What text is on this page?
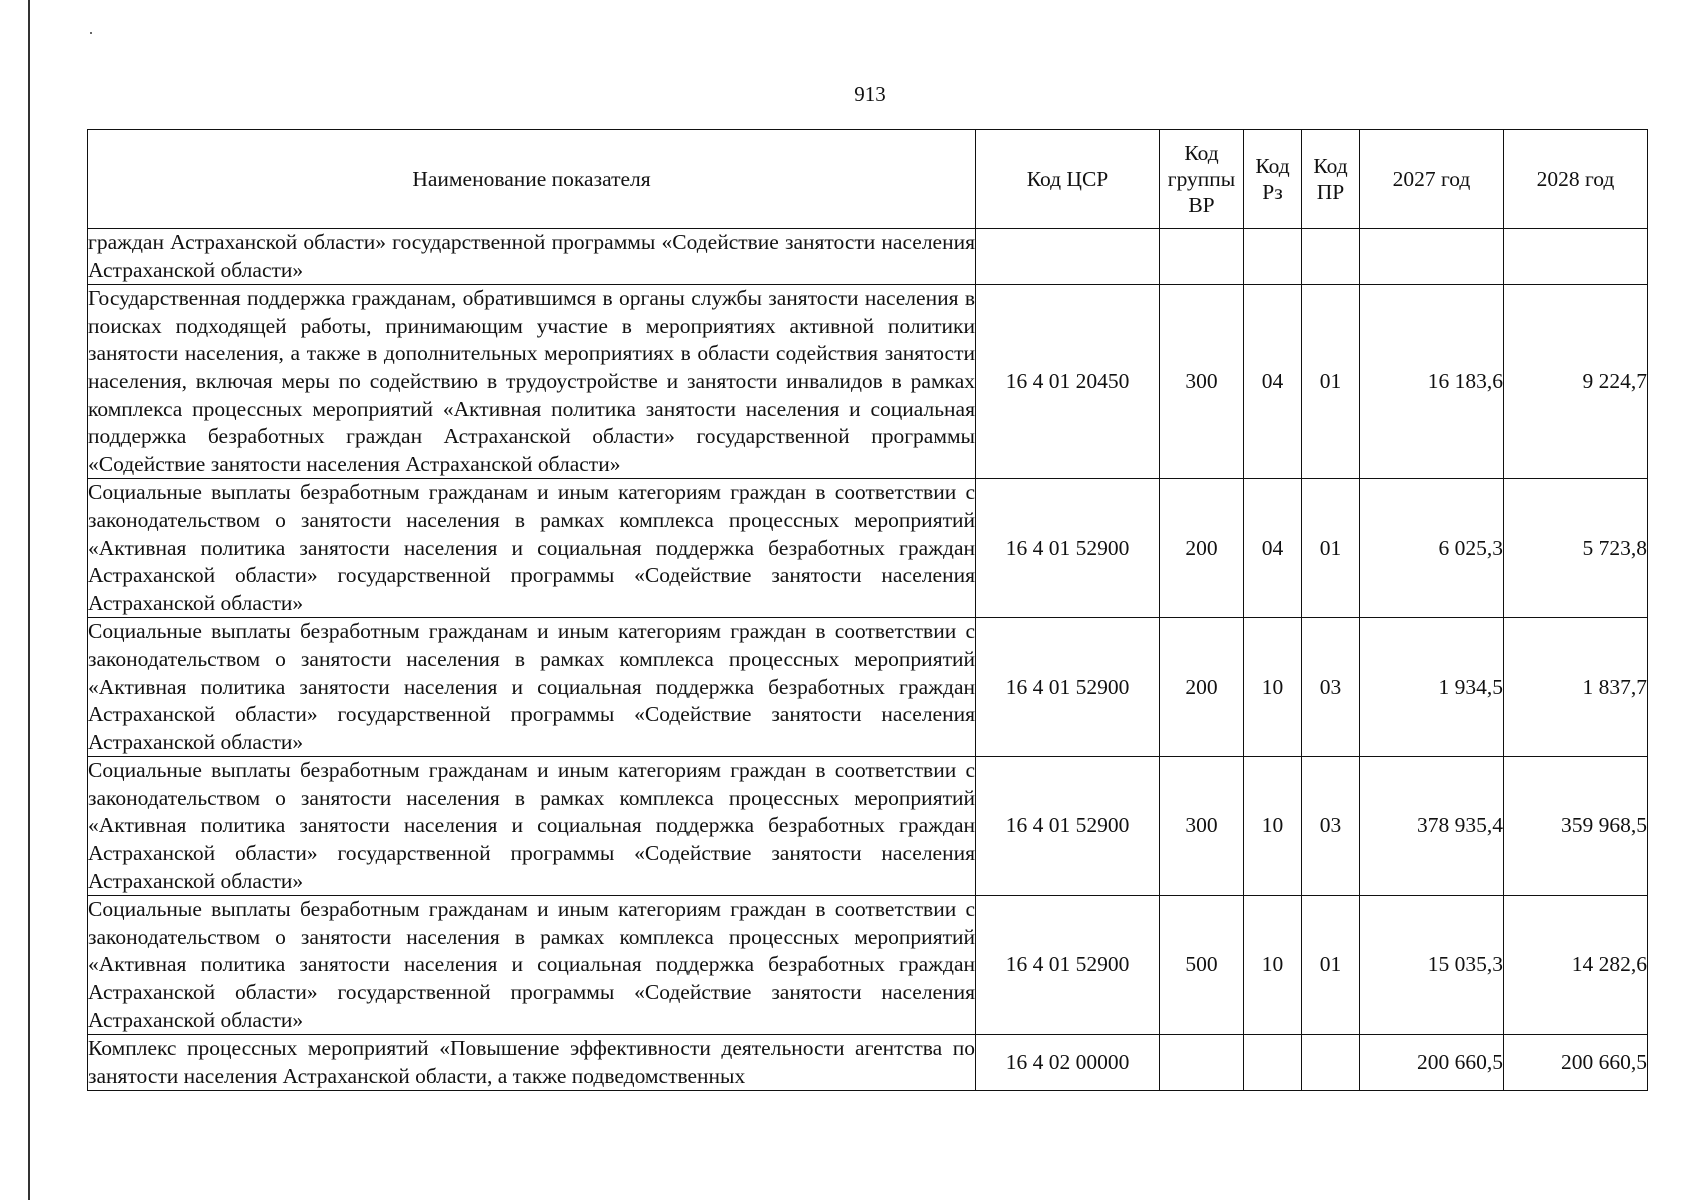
913
Наименование показателя	Код ЦСР	Код группы ВР	Код Рз	Код ПР	2027 год	2028 год
граждан Астраханской области» государственной программы «Содействие занятости населения Астраханской области»						
Государственная поддержка гражданам, обратившимся в органы службы занятости населения в поисках подходящей работы, принимающим участие в мероприятиях активной политики занятости населения, а также в дополнительных мероприятиях в области содействия занятости населения, включая меры по содействию в трудоустройстве и занятости инвалидов в рамках комплекса процессных мероприятий «Активная политика занятости населения и социальная поддержка безработных граждан Астраханской области» государственной программы «Содействие занятости населения Астраханской области»	16 4 01 20450	300	04	01	16 183,6	9 224,7
Социальные выплаты безработным гражданам и иным категориям граждан в соответствии с законодательством о занятости населения в рамках комплекса процессных мероприятий «Активная политика занятости населения и социальная поддержка безработных граждан Астраханской области» государственной программы «Содействие занятости населения Астраханской области»	16 4 01 52900	200	04	01	6 025,3	5 723,8
Социальные выплаты безработным гражданам и иным категориям граждан в соответствии с законодательством о занятости населения в рамках комплекса процессных мероприятий «Активная политика занятости населения и социальная поддержка безработных граждан Астраханской области» государственной программы «Содействие занятости населения Астраханской области»	16 4 01 52900	200	10	03	1 934,5	1 837,7
Социальные выплаты безработным гражданам и иным категориям граждан в соответствии с законодательством о занятости населения в рамках комплекса процессных мероприятий «Активная политика занятости населения и социальная поддержка безработных граждан Астраханской области» государственной программы «Содействие занятости населения Астраханской области»	16 4 01 52900	300	10	03	378 935,4	359 968,5
Социальные выплаты безработным гражданам и иным категориям граждан в соответствии с законодательством о занятости населения в рамках комплекса процессных мероприятий «Активная политика занятости населения и социальная поддержка безработных граждан Астраханской области» государственной программы «Содействие занятости населения Астраханской области»	16 4 01 52900	500	10	01	15 035,3	14 282,6
Комплекс процессных мероприятий «Повышение эффективности деятельности агентства по занятости населения Астраханской области, а также подведомственных	16 4 02 00000				200 660,5	200 660,5
